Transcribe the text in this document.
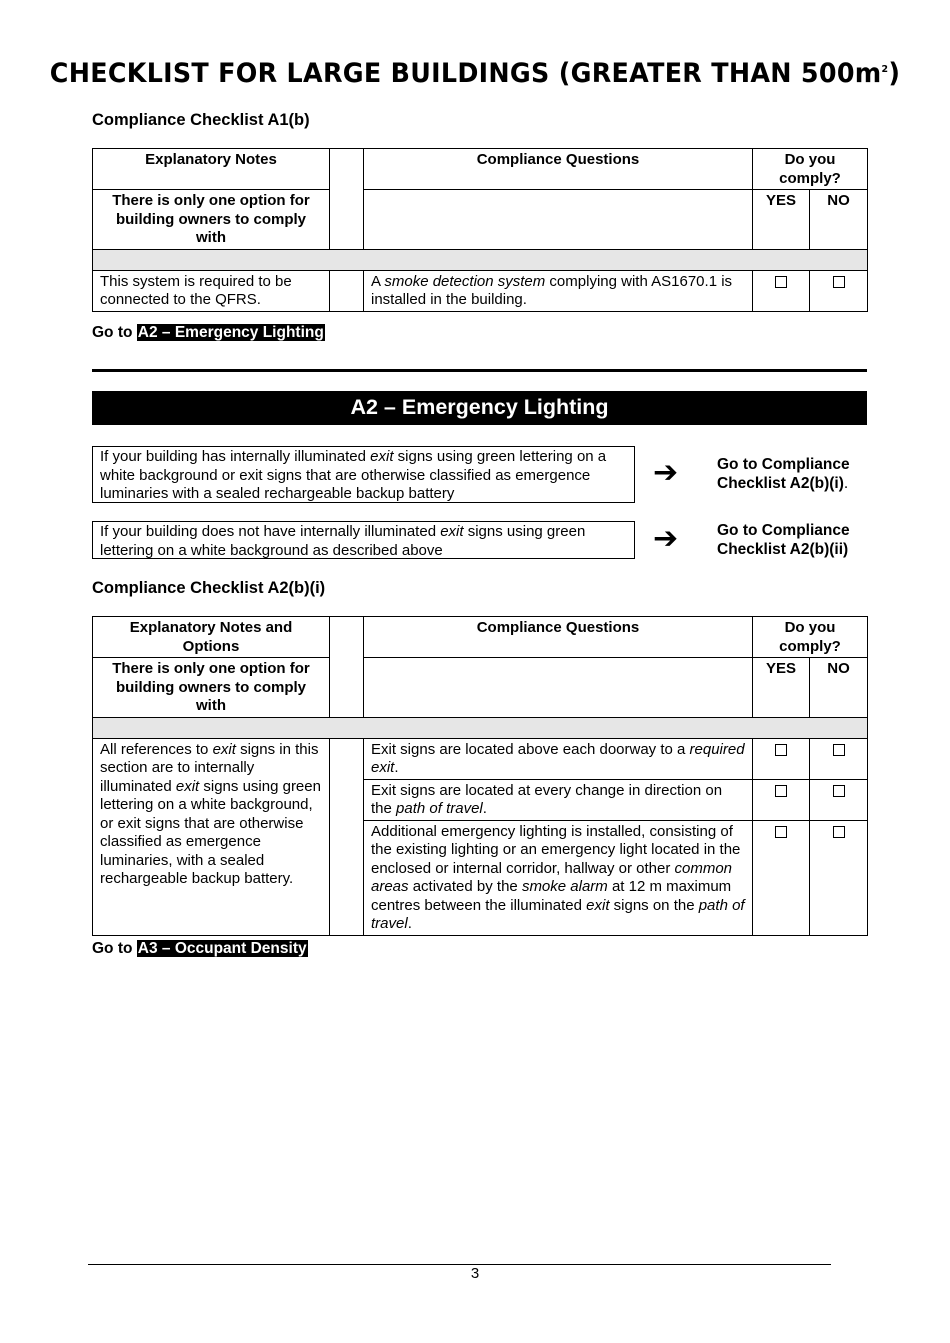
CHECKLIST FOR LARGE BUILDINGS (GREATER THAN $500m^2$)
Compliance Checklist A1(b)
Explanatory Notes		Compliance Questions	Do you comply?	
There is only one option for building owners to comply with			YES	NO

This system is required to be connected to the QFRS.		A smoke detection system complying with AS1670.1 is installed in the building.		
Go to A2 – Emergency Lighting
A2 – Emergency Lighting
If your building has internally illuminated exit signs using green lettering on a white background or exit signs that are otherwise classified as emergence luminaries with a sealed rechargeable backup battery
➔	Go to Compliance
Checklist A2(b)(i).
If your building does not have internally illuminated exit signs using green lettering on a white background as described above	➔	Go to Compliance
Checklist A2(b)(ii)
Compliance Checklist A2(b)(i)
Explanatory Notes and Options		Compliance Questions	Do you comply?	
There is only one option for building owners to comply with			YES	NO

All references to exit signs in this section are to internally illuminated exit signs using green lettering on a white background, or exit signs that are otherwise classified as emergence luminaries, with a sealed rechargeable backup battery.		Exit signs are located above each doorway to a required exit.		
		Exit signs are located at every change in direction on the path of travel.		
		Additional emergency lighting is installed, consisting of the existing lighting or an emergency light located in the enclosed or internal corridor, hallway or other common areas activated by the smoke alarm at 12 m maximum centres between the illuminated exit signs on the path of travel.		
Go to A3 – Occupant Density
3
